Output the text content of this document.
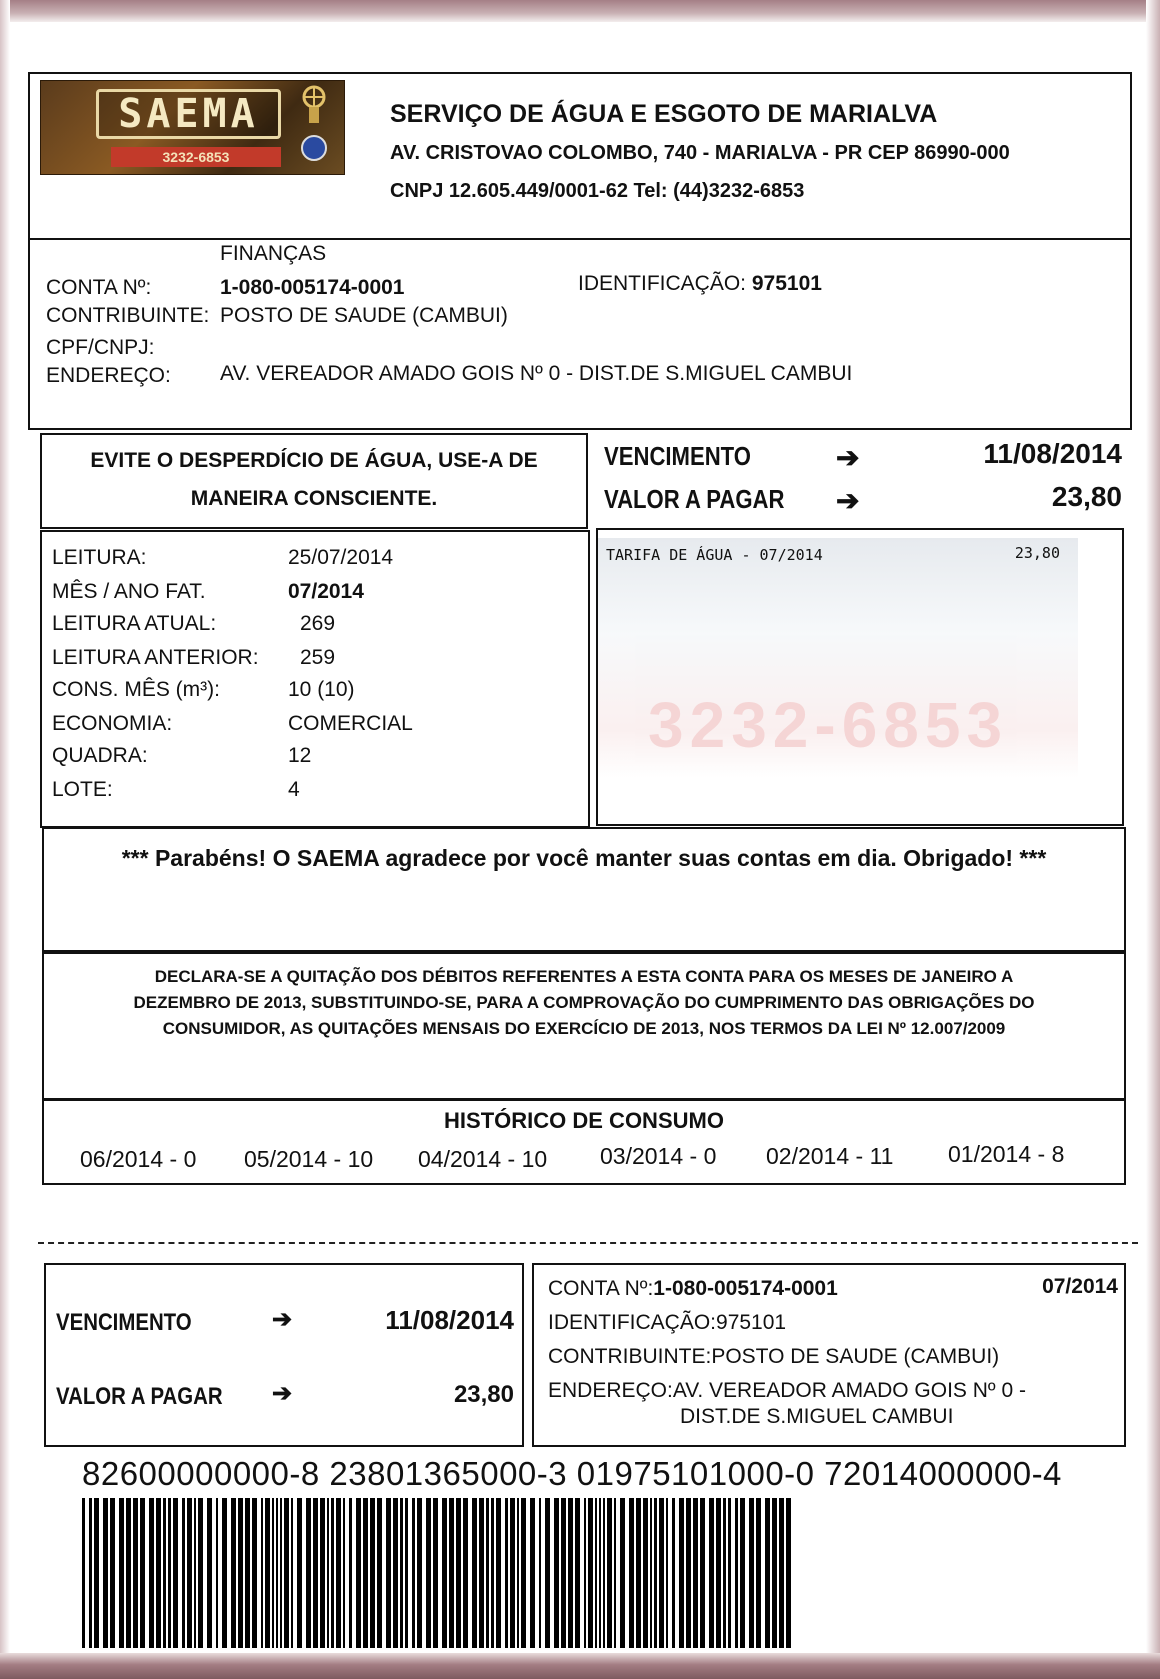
SAEMA
3232-6853
SERVIÇO DE ÁGUA E ESGOTO DE MARIALVA
AV. CRISTOVAO COLOMBO, 740 - MARIALVA - PR CEP 86990-000
CNPJ 12.605.449/0001-62 Tel: (44)3232-6853
FINANÇAS
CONTA Nº:	1-080-005174-0001	IDENTIFICAÇÃO: 975101
CONTRIBUINTE: POSTO DE SAUDE (CAMBUI)
CPF/CNPJ:
ENDEREÇO: AV. VEREADOR AMADO GOIS Nº 0 - DIST.DE S.MIGUEL CAMBUI

EVITE O DESPERDÍCIO DE ÁGUA, USE-A DE

MANEIRA CONSCIENTE.

VENCIMENTO	➔	11/08/2014
VALOR A PAGAR ➔	23,80
LEITURA:	25/07/2014
MÊS / ANO FAT.	07/2014
LEITURA ATUAL:	269
LEITURA ANTERIOR: 259
CONS. MÊS (m³):	10 (10)
ECONOMIA:	COMERCIAL
QUADRA:	12
LOTE:	4
3232-6853
TARIFA DE ÁGUA - 07/2014	23,80

*** Parabéns! O SAEMA agradece por você manter suas contas em dia. Obrigado! ***

DECLARA-SE A QUITAÇÃO DOS DÉBITOS REFERENTES A ESTA CONTA PARA OS MESES DE JANEIRO A DEZEMBRO DE 2013, SUBSTITUINDO-SE, PARA A COMPROVAÇÃO DO CUMPRIMENTO DAS OBRIGAÇÕES DO CONSUMIDOR, AS QUITAÇÕES MENSAIS DO EXERCÍCIO DE 2013, NOS TERMOS DA LEI Nº 12.007/2009

HISTÓRICO DE CONSUMO
06/2014 - 0 05/2014 - 10 04/2014 - 10 03/2014 - 0 02/2014 - 11 01/2014 - 8
VENCIMENTO	➔	11/08/2014
VALOR A PAGAR ➔	23,80
CONTA Nº:1-080-005174-0001	07/2014
IDENTIFICAÇÃO:975101
CONTRIBUINTE:POSTO DE SAUDE (CAMBUI)
ENDEREÇO:AV. VEREADOR AMADO GOIS Nº 0 -
DIST.DE S.MIGUEL CAMBUI
82600000000-8 23801365000-3 01975101000-0 72014000000-4
